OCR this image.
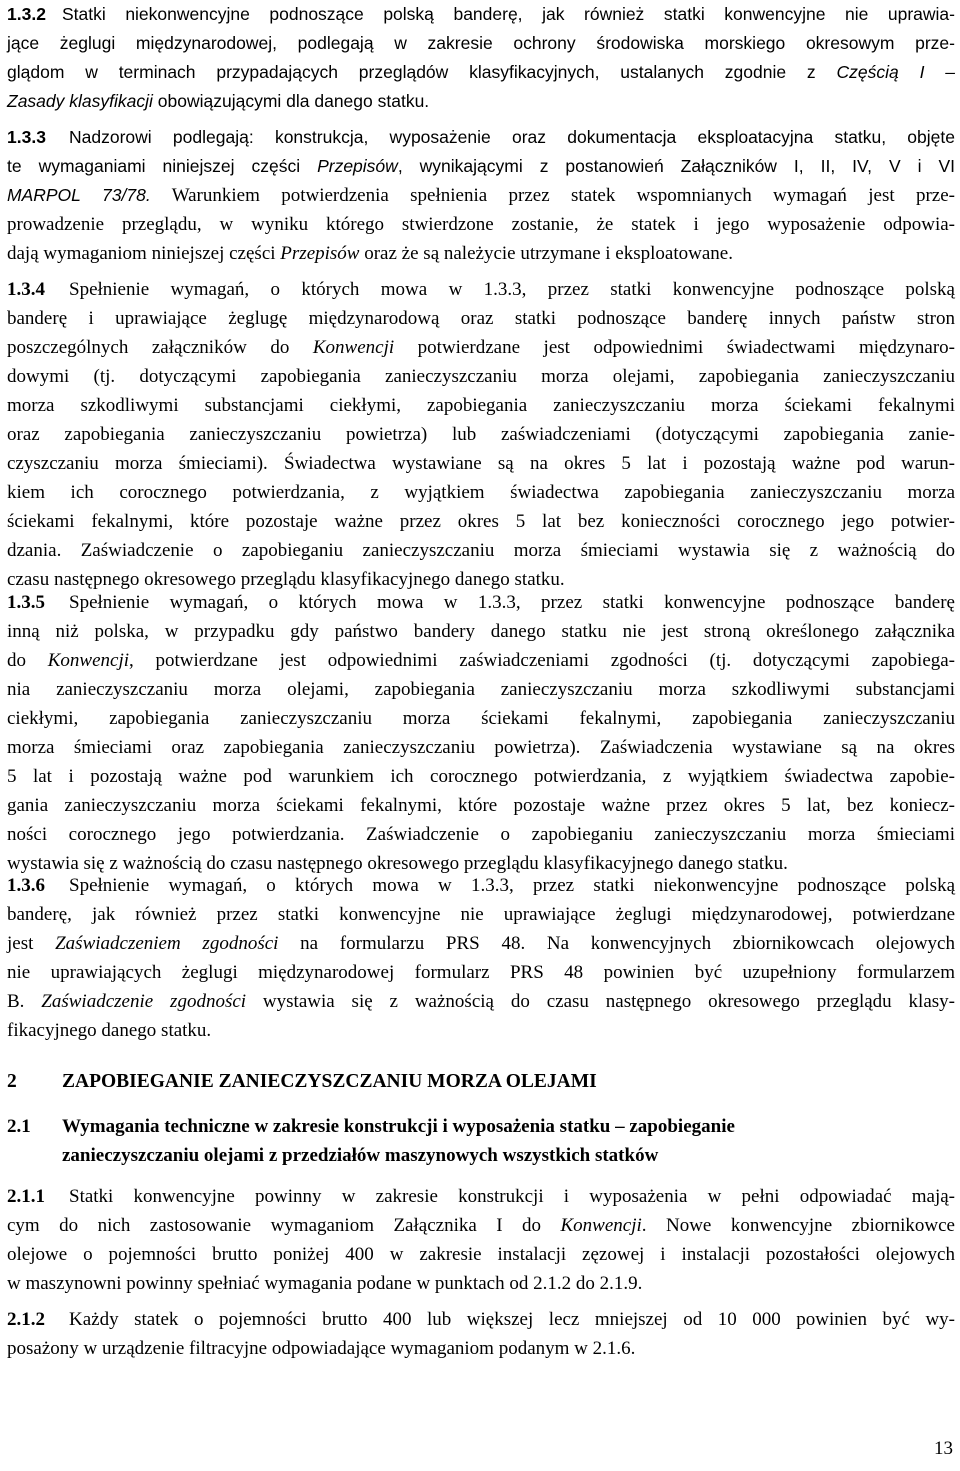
1.3.2 Statki niekonwencyjne podnoszące polską banderę, jak również statki konwencyjne nie uprawia-
jące żeglugi międzynarodowej, podlegają w zakresie ochrony środowiska morskiego okresowym prze-
glądom w terminach przypadających przeglądów klasyfikacyjnych, ustalanych zgodnie z Częścią I –
Zasady klasyfikacji obowiązującymi dla danego statku.
1.3.3 Nadzorowi podlegają: konstrukcja, wyposażenie oraz dokumentacja eksploatacyjna statku, objęte
te wymaganiami niniejszej części Przepisów, wynikającymi z postanowień Załączników I, II, IV, V i VI
MARPOL 73/78. Warunkiem potwierdzenia spełnienia przez statek wspomnianych wymagań jest prze-
prowadzenie przeglądu, w wyniku którego stwierdzone zostanie, że statek i jego wyposażenie odpowia-
dają wymaganiom niniejszej części Przepisów oraz że są należycie utrzymane i eksploatowane.
1.3.4 Spełnienie wymagań, o których mowa w 1.3.3, przez statki konwencyjne podnoszące polską
banderę i uprawiające żeglugę międzynarodową oraz statki podnoszące banderę innych państw stron
poszczególnych załączników do Konwencji potwierdzane jest odpowiednimi świadectwami międzynaro-
dowymi (tj. dotyczącymi zapobiegania zanieczyszczaniu morza olejami, zapobiegania zanieczyszczaniu
morza szkodliwymi substancjami ciekłymi, zapobiegania zanieczyszczaniu morza ściekami fekalnymi
oraz zapobiegania zanieczyszczaniu powietrza) lub zaświadczeniami (dotyczącymi zapobiegania zanie-
czyszczaniu morza śmieciami). Świadectwa wystawiane są na okres 5 lat i pozostają ważne pod warun-
kiem ich corocznego potwierdzania, z wyjątkiem świadectwa zapobiegania zanieczyszczaniu morza
ściekami fekalnymi, które pozostaje ważne przez okres 5 lat bez konieczności corocznego jego potwier-
dzania. Zaświadczenie o zapobieganiu zanieczyszczaniu morza śmieciami wystawia się z ważnością do
czasu następnego okresowego przeglądu klasyfikacyjnego danego statku.
1.3.5 Spełnienie wymagań, o których mowa w 1.3.3, przez statki konwencyjne podnoszące banderę
inną niż polska, w przypadku gdy państwo bandery danego statku nie jest stroną określonego załącznika
do Konwencji, potwierdzane jest odpowiednimi zaświadczeniami zgodności (tj. dotyczącymi zapobiega-
nia zanieczyszczaniu morza olejami, zapobiegania zanieczyszczaniu morza szkodliwymi substancjami
ciekłymi, zapobiegania zanieczyszczaniu morza ściekami fekalnymi, zapobiegania zanieczyszczaniu
morza śmieciami oraz zapobiegania zanieczyszczaniu powietrza). Zaświadczenia wystawiane są na okres
5 lat i pozostają ważne pod warunkiem ich corocznego potwierdzania, z wyjątkiem świadectwa zapobie-
gania zanieczyszczaniu morza ściekami fekalnymi, które pozostaje ważne przez okres 5 lat, bez koniecz-
ności corocznego jego potwierdzania. Zaświadczenie o zapobieganiu zanieczyszczaniu morza śmieciami
wystawia się z ważnością do czasu następnego okresowego przeglądu klasyfikacyjnego danego statku.
1.3.6 Spełnienie wymagań, o których mowa w 1.3.3, przez statki niekonwencyjne podnoszące polską
banderę, jak również przez statki konwencyjne nie uprawiające żeglugi międzynarodowej, potwierdzane
jest Zaświadczeniem zgodności na formularzu PRS 48. Na konwencyjnych zbiornikowcach olejowych
nie uprawiających żeglugi międzynarodowej formularz PRS 48 powinien być uzupełniony formularzem
B. Zaświadczenie zgodności wystawia się z ważnością do czasu następnego okresowego przeglądu klasy-
fikacyjnego danego statku.
2 ZAPOBIEGANIE ZANIECZYSZCZANIU MORZA OLEJAMI
2.1 Wymagania techniczne w zakresie konstrukcji i wyposażenia statku – zapobieganie
zanieczyszczaniu olejami z przedziałów maszynowych wszystkich statków
2.1.1 Statki konwencyjne powinny w zakresie konstrukcji i wyposażenia w pełni odpowiadać mają-
cym do nich zastosowanie wymaganiom Załącznika I do Konwencji. Nowe konwencyjne zbiornikowce
olejowe o pojemności brutto poniżej 400 w zakresie instalacji zęzowej i instalacji pozostałości olejowych
w maszynowni powinny spełniać wymagania podane w punktach od 2.1.2 do 2.1.9.
2.1.2 Każdy statek o pojemności brutto 400 lub większej lecz mniejszej od 10 000 powinien być wy-
posażony w urządzenie filtracyjne odpowiadające wymaganiom podanym w 2.1.6.
13
